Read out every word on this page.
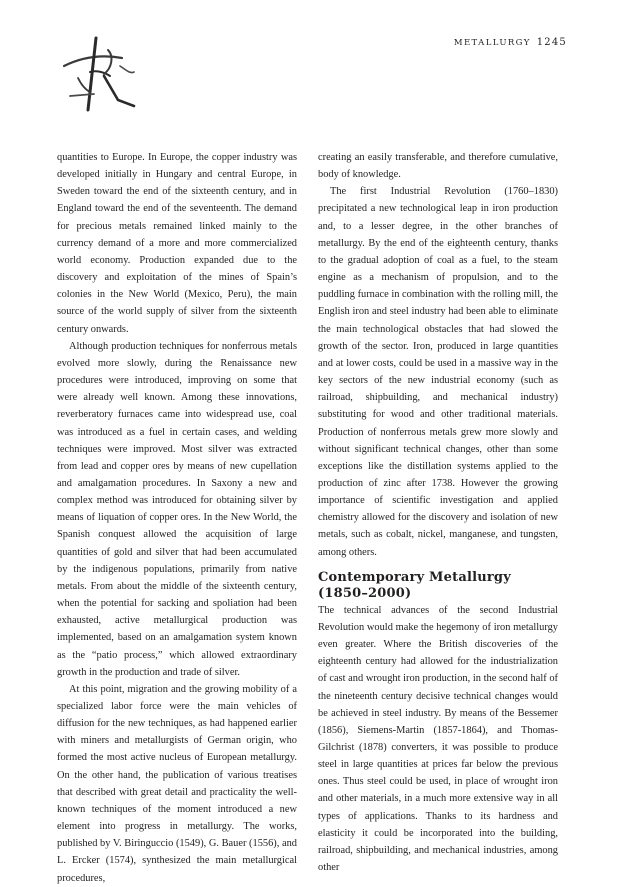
METALLURGY 1245

quantities to Europe. In Europe, the copper industry was developed initially in Hungary and central Europe, in Sweden toward the end of the sixteenth century, and in England toward the end of the seventeenth. The demand for precious metals remained linked mainly to the currency demand of a more and more commercialized world economy. Production expanded due to the discovery and exploitation of the mines of Spain’s colonies in the New World (Mexico, Peru), the main source of the world supply of silver from the sixteenth century onwards.

Although production techniques for nonferrous metals evolved more slowly, during the Renaissance new procedures were introduced, improving on some that were already well known. Among these innovations, reverberatory furnaces came into widespread use, coal was introduced as a fuel in certain cases, and welding techniques were improved. Most silver was extracted from lead and copper ores by means of new cupellation and amalgamation procedures. In Saxony a new and complex method was introduced for obtaining silver by means of liquation of copper ores. In the New World, the Spanish conquest allowed the acquisition of large quantities of gold and silver that had been accumulated by the indigenous populations, primarily from native metals. From about the middle of the sixteenth century, when the potential for sacking and spoliation had been exhausted, active metallurgical production was implemented, based on an amalgamation system known as the “patio process,” which allowed extraordinary growth in the production and trade of silver.

At this point, migration and the growing mobility of a specialized labor force were the main vehicles of diffusion for the new techniques, as had happened earlier with miners and metallurgists of German origin, who formed the most active nucleus of European metallurgy. On the other hand, the publication of various treatises that described with great detail and practicality the well-known techniques of the moment introduced a new element into progress in metallurgy. The works, published by V. Biringuccio (1549), G. Bauer (1556), and L. Ercker (1574), synthesized the main metallurgical procedures,

creating an easily transferable, and therefore cumulative, body of knowledge.

The first Industrial Revolution (1760–1830) precipitated a new technological leap in iron production and, to a lesser degree, in the other branches of metallurgy. By the end of the eighteenth century, thanks to the gradual adoption of coal as a fuel, to the steam engine as a mechanism of propulsion, and to the puddling furnace in combination with the rolling mill, the English iron and steel industry had been able to eliminate the main technological obstacles that had slowed the growth of the sector. Iron, produced in large quantities and at lower costs, could be used in a massive way in the key sectors of the new industrial economy (such as railroad, shipbuilding, and mechanical industry) substituting for wood and other traditional materials. Production of nonferrous metals grew more slowly and without significant technical changes, other than some exceptions like the distillation systems applied to the production of zinc after 1738. However the growing importance of scientific investigation and applied chemistry allowed for the discovery and isolation of new metals, such as cobalt, nickel, manganese, and tungsten, among others.

Contemporary Metallurgy
(1850–2000)

The technical advances of the second Industrial Revolution would make the hegemony of iron metallurgy even greater. Where the British discoveries of the eighteenth century had allowed for the industrialization of cast and wrought iron production, in the second half of the nineteenth century decisive technical changes would be achieved in steel industry. By means of the Bessemer (1856), Siemens-Martin (1857-1864), and Thomas-Gilchrist (1878) converters, it was possible to produce steel in large quantities at prices far below the previous ones. Thus steel could be used, in place of wrought iron and other materials, in a much more extensive way in all types of applications. Thanks to its hardness and elasticity it could be incorporated into the building, railroad, shipbuilding, and mechanical industries, among other
